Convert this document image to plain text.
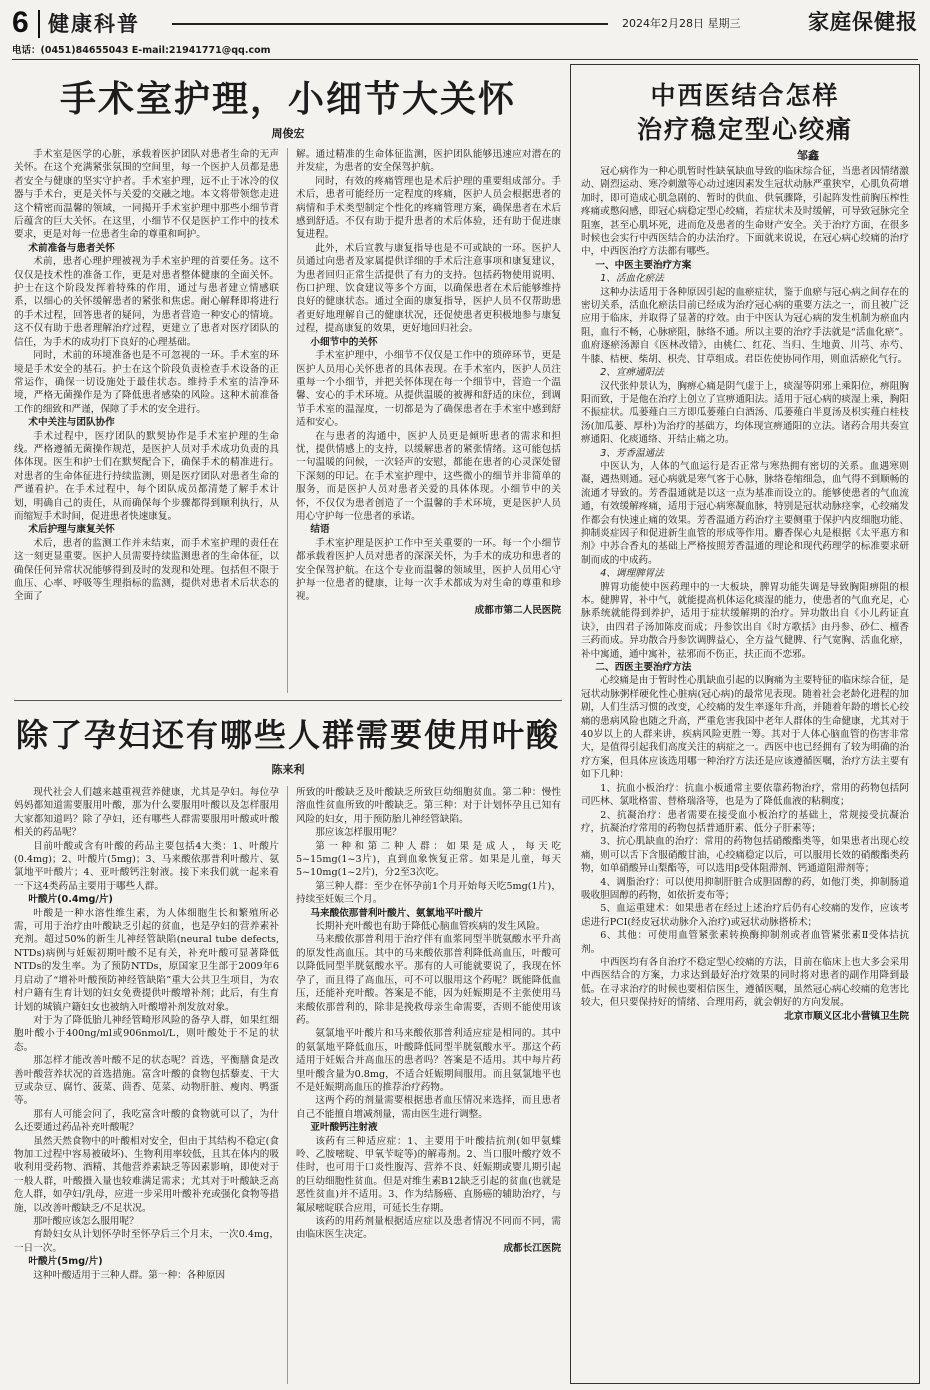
6 健康科普	2024年2月28日 星期三	家庭保健报
电话：(0451)84655043 E-mail:21941771@qq.com
手术室护理，小细节大关怀
周俊宏

手术室是医学的心脏，承载着医护团队对患者生命的无声关怀。在这个充满紧张氛围的空间里，每一个医护人员都是患者安全与健康的坚实守护者。手术室护理，远不止于冰冷的仪器与手术台，更是关怀与关爱的交融之地。本文将带领您走进这个精密而温馨的领域，一同揭开手术室护理中那些小细节背后蕴含的巨大关怀。在这里，小细节不仅是医护工作中的技术要求，更是对每一位患者生命的尊重和呵护。

术前准备与患者关怀

术前，患者心理护理被视为手术室护理的首要任务。这不仅仅是技术性的准备工作，更是对患者整体健康的全面关怀。护士在这个阶段发挥着特殊的作用，通过与患者建立情感联系，以细心的关怀缓解患者的紧张和焦虑。耐心解释即将进行的手术过程，回答患者的疑问，为患者营造一种安心的情境。这不仅有助于患者理解治疗过程，更建立了患者对医疗团队的信任，为手术的成功打下良好的心理基础。

同时，术前的环境准备也是不可忽视的一环。手术室的环境是手术安全的基石。护士在这个阶段负责检查手术设备的正常运作，确保一切设施处于最佳状态。维持手术室的洁净环境，严格无菌操作是为了降低患者感染的风险。这种术前准备工作的细致和严谨，保障了手术的安全进行。

术中关注与团队协作

手术过程中，医疗团队的默契协作是手术室护理的生命线。严格遵循无菌操作规范，是医护人员对手术成功负责的具体体现。医生和护士们在默契配合下，确保手术的精准进行。对患者的生命体征进行持续监测，则是医疗团队对患者生命的严谨看护。在手术过程中，每个团队成员都清楚了解手术计划，明确自己的责任，从而确保每个步骤都得到顺利执行，从而缩短手术时间，促进患者快速康复。

术后护理与康复关怀

术后，患者的监测工作并未结束，而手术室护理的责任在这一刻更显重要。医护人员需要持续监测患者的生命体征，以确保任何异常状况能够得到及时的发现和处理。包括但不限于血压、心率、呼吸等生理指标的监测，提供对患者术后状态的全面了

解。通过精准的生命体征监测，医护团队能够迅速应对潜在的并发症，为患者的安全保驾护航。

同时，有效的疼痛管理也是术后护理的重要组成部分。手术后，患者可能经历一定程度的疼痛，医护人员会根据患者的病情和手术类型制定个性化的疼痛管理方案，确保患者在术后感到舒适。不仅有助于提升患者的术后体验，还有助于促进康复进程。

此外，术后宣教与康复指导也是不可或缺的一环。医护人员通过向患者及家属提供详细的手术后注意事项和康复建议，为患者回归正常生活提供了有力的支持。包括药物使用说明、伤口护理、饮食建议等多个方面，以确保患者在术后能够维持良好的健康状态。通过全面的康复指导，医护人员不仅帮助患者更好地理解自己的健康状况，还促使患者更积极地参与康复过程，提高康复的效果，更好地回归社会。

小细节中的关怀

手术室护理中，小细节不仅仅是工作中的琐碎环节，更是医护人员用心关怀患者的具体表现。在手术室内，医护人员注重每一个小细节，并把关怀体现在每一个细节中，营造一个温馨、安心的手术环境。从提供温暖的被褥和舒适的床位，到调节手术室的温湿度，一切都是为了确保患者在手术室中感到舒适和安心。

在与患者的沟通中，医护人员更是倾听患者的需求和担忧，提供情感上的支持，以缓解患者的紧张情绪。这可能包括一句温暖的问候，一次轻声的安慰，都能在患者的心灵深处留下深刻的印记。在手术室护理中，这些微小的细节并非简单的服务，而是医护人员对患者关爱的具体体现。小细节中的关怀，不仅仅为患者创造了一个温馨的手术环境，更是医护人员用心守护每一位患者的承诺。

结语

手术室护理是医护工作中至关重要的一环。每一个小细节都承载着医护人员对患者的深深关怀，为手术的成功和患者的安全保驾护航。在这个专业而温馨的领域里，医护人员用心守护每一位患者的健康，让每一次手术都成为对生命的尊重和珍视。

成都市第二人民医院

除了孕妇还有哪些人群需要使用叶酸
陈来利

现代社会人们越来越重视营养健康，尤其是孕妇。每位孕妈妈都知道需要服用叶酸，那为什么要服用叶酸以及怎样服用大家都知道吗？除了孕妇，还有哪些人群需要服用叶酸或叶酸相关的药品呢？

目前叶酸或含有叶酸的药品主要包括4大类：1、叶酸片(0.4mg)；2、叶酸片(5mg)；3、马来酸依那普利叶酸片、氨氯地平叶酸片；4、亚叶酸钙注射液。接下来我们就一起来看一下这4类药品主要用于哪些人群。

叶酸片(0.4mg/片)

叶酸是一种水溶性维生素，为人体细胞生长和繁殖所必需，可用于治疗由叶酸缺乏引起的贫血，也是孕妇的营养素补充剂。超过50%的新生儿神经管缺陷(neural tube defects, NTDs)病例与妊娠初期叶酸不足有关，补充叶酸可显著降低NTDs的发生率。为了预防NTDs，原国家卫生部于2009年6月启动了“增补叶酸预防神经管缺陷”重大公共卫生项目，为农村户籍有生育计划的妇女免费提供叶酸增补剂；此后，有生育计划的城镇户籍妇女也被纳入叶酸增补剂发放对象。

对于为了降低胎儿神经管畸形风险的备孕人群，如果红细胞叶酸小于400ng/ml或906nmol/L，则叶酸处于不足的状态。

那怎样才能改善叶酸不足的状态呢？首选，平衡膳食是改善叶酸营养状况的首选措施。富含叶酸的食物包括藜麦、干大豆或杂豆、腐竹、菠菜、茴香、苋菜、动物肝脏、瘦肉、鸭蛋等。

那有人可能会问了，我吃富含叶酸的食物就可以了，为什么还要通过药品补充叶酸呢？

虽然天然食物中的叶酸相对安全，但由于其结构不稳定(食物加工过程中容易被破坏)、生物利用率较低，且其在体内的吸收利用受药物、酒精、其他营养素缺乏等因素影响，即使对于一般人群，叶酸摄入量也较难满足需求；尤其对于叶酸缺乏高危人群，如孕妇/乳母，应进一步采用叶酸补充或强化食物等措施，以改善叶酸缺乏/不足状况。

那叶酸应该怎么服用呢？

育龄妇女从计划怀孕时至怀孕后三个月末，一次0.4mg，一日一次。

叶酸片(5mg/片)

这种叶酸适用于三种人群。第一种：各种原因

所致的叶酸缺乏及叶酸缺乏所致巨幼细胞贫血。第二种：慢性溶血性贫血所致的叶酸缺乏。第三种：对于计划怀孕且已知有风险的妇女，用于预防胎儿神经管缺陷。

那应该怎样服用呢？

第一种和第二种人群：如果是成人，每天吃5~15mg(1~3片)，直到血象恢复正常。如果是儿童，每天5~10mg(1~2片)，分2至3次吃。

第三种人群：至少在怀孕前1个月开始每天吃5mg(1片)，持续至妊娠三个月。

马来酸依那普利叶酸片、氨氯地平叶酸片

长期补充叶酸也有助于降低心脑血管疾病的发生风险。

马来酸依那普利用于治疗伴有血浆同型半胱氨酸水平升高的原发性高血压。其中的马来酸依那普利降低高血压，叶酸可以降低同型半胱氨酸水平。那有的人可能就要说了，我现在怀孕了，而且得了高血压，可不可以服用这个药呢？既能降低血压，还能补充叶酸。答案是不能，因为妊娠期是不主张使用马来酸依那普利的，除非是挽救母亲生命需要，否则不能使用该药。

氨氯地平叶酸片和马来酸依那普利适应症是相同的。其中的氨氯地平降低血压，叶酸降低同型半胱氨酸水平。那这个药适用于妊娠合并高血压的患者吗？答案是不适用。其中每片药里叶酸含量为0.8mg，不适合妊娠期间服用。而且氨氯地平也不是妊娠期高血压的推荐治疗药物。

这两个药的剂量需要根据患者血压情况来选择，而且患者自己不能擅自增减剂量，需由医生进行调整。

亚叶酸钙注射液

该药有三种适应症：1、主要用于叶酸拮抗剂(如甲氨蝶呤、乙胺嘧啶、甲氧苄啶等)的解毒剂。2、当口服叶酸疗效不佳时，也可用于口炎性腹泻、营养不良、妊娠期或婴儿期引起的巨幼细胞性贫血。但是对维生素B12缺乏引起的贫血(也就是恶性贫血)并不适用。3、作为结肠癌、直肠癌的辅助治疗，与氟尿嘧啶联合应用，可延长生存期。

该药的用药剂量根据适应症以及患者情况不同而不同，需由临床医生决定。

成都长江医院

中西医结合怎样
治疗稳定型心绞痛
邹鑫

冠心病作为一种心肌暂时性缺氧缺血导致的临床综合征，当患者因情绪激动、剧烈运动、寒冷刺激等心动过速因素发生冠状动脉严重狭窄，心肌负荷增加时，即可造成心肌急剧的、暂时的供血、供氧骤降，引起阵发性前胸压榨性疼痛或憋闷感，即冠心病稳定型心绞痛，若症状未及时缓解，可导致冠脉完全阻塞，甚至心肌坏死，进而危及患者的生命财产安全。关于治疗方面，在很多时候也会实行中西医结合的办法治疗。下面就来说说，在冠心病心绞痛的治疗中，中西医治疗方法都有哪些。

一、中医主要治疗方案

1、活血化瘀法

这种办法适用于各种原因引起的血瘀症状，鉴于血瘀与冠心病之间存在的密切关系，活血化瘀法目前已经成为治疗冠心病的重要方法之一，而且被广泛应用于临床，并取得了显著的疗效。由于中医认为冠心病的发生机制为瘀血内阻，血行不畅，心脉瘀阻，脉络不通。所以主要的治疗手法就是“活血化瘀”。血府逐瘀汤源自《医林改错》，由桃仁、红花、当归、生地黄、川芎、赤芍、牛膝、桔梗、柴胡、枳壳、甘草组成。君臣佐使协同作用，则血活瘀化气行。

2、宣痹通阳法

汉代张仲景认为，胸痹心痛是阴气虚于上，痰湿等阴邪上乘阳位，痹阻胸阳而致，于是他在治疗上创立了宣痹通阳法。适用于冠心病的痰湿上乘，胸阳不振症状。瓜蒌薤白三方即瓜蒌薤白白酒汤、瓜蒌薤白半夏汤及枳实薤白桂枝汤(加瓜蒌、厚朴)为治疗的基础方，均体现宣痹通阳的立法。诸药合用共奏宣痹通阳、化痰通络、开结止痛之功。

3、芳香温通法

中医认为，人体的气血运行是否正常与寒热拥有密切的关系。血遇寒则凝，遇热则通。冠心病就是寒气客于心脉，脉络卷缩细急，血气得不到顺畅的流通才导致的。芳香温通就是以这一点为基准而设立的。能够使患者的气血流通，有效缓解疼痛，适用于冠心病寒凝血脉，特别是冠状动脉痉挛，心绞痛发作都会有快速止痛的效果。芳香温通方药治疗主要侧重于保护内皮细胞功能、抑制炎症因子和促进新生血管的形成等作用。麝香保心丸是根据《太平惠方和剂》中苏合香丸的基础上严格按照芳香温通的理论和现代药理学的标准要求研制而成的中成药。

4、调理脾胃法

脾胃功能使中医药理中的一大板块，脾胃功能失调是导致胸阳痹阻的根本。健脾胃，补中气，就能提高机体运化痰湿的能力，使患者的气血充足，心脉系统就能得到养护，适用于症状缓解期的治疗。异功散出自《小儿药证直诀》，由四君子汤加陈皮而成；丹参饮出自《时方歌括》由丹参、砂仁、檀香三药而成。异功散合丹参饮调脾益心，全方益气健脾、行气宽胸、活血化瘀，补中寓通，通中寓补，祛邪而不伤正，扶正而不恋邪。

二、西医主要治疗方法

心绞痛是由于暂时性心肌缺血引起的以胸痛为主要特征的临床综合征，是冠状动脉粥样硬化性心脏病(冠心病)的最常见表现。随着社会老龄化进程的加剧，人们生活习惯的改变，心绞痛的发生率逐年升高，并随着年龄的增长心绞痛的患病风险也随之升高，严重危害我国中老年人群体的生命健康，尤其对于40岁以上的人群来讲，疾病风险更胜一筹。其对于人体心脑血管的伤害非常大，是值得引起我们高度关注的病症之一。西医中也已经拥有了较为明确的治疗方案，但具体应该选用哪一种治疗方法还是应该遵循医嘱，治疗方法主要有如下几种：

1、抗血小板治疗：抗血小板通常主要依靠药物治疗，常用的药物包括阿司匹林、氯吡格雷、替格瑞洛等，也是为了降低血液的粘稠度；

2、抗凝治疗：患者需要在接受血小板治疗的基础上，常规接受抗凝治疗，抗凝治疗常用的药物包括普通肝素、低分子肝素等；

3、抗心肌缺血的治疗：常用的药物包括硝酸酯类等，如果患者出现心绞痛，则可以舌下含服硝酸甘油，心绞痛稳定以后，可以服用长效的硝酸酯类药物，如单硝酸异山梨酯等，可以选用β受体阻滞剂、钙通道阻滞剂等；

4、调脂治疗：可以使用抑制肝脏合成胆固醇的药，如他汀类，抑制肠道吸收胆固醇的药物，如依折麦布等；

5、血运重建术：如果患者在经过上述治疗后仍有心绞痛的发作，应该考虑进行PCI(经皮冠状动脉介入治疗)或冠状动脉搭桥术；

6、其他：可使用血管紧张素转换酶抑制剂或者血管紧张素Ⅱ受体拮抗剂。

中西医均有各自治疗不稳定型心绞痛的方法，目前在临床上也大多会采用中西医结合的方案，力求达到最好治疗效果的同时将对患者的副作用降到最低。在寻求治疗的时候也要相信医生，遵循医嘱，虽然冠心病心绞痛的危害比较大，但只要保持好的情绪、合理用药，就会朝好的方向发展。

北京市顺义区北小营镇卫生院
